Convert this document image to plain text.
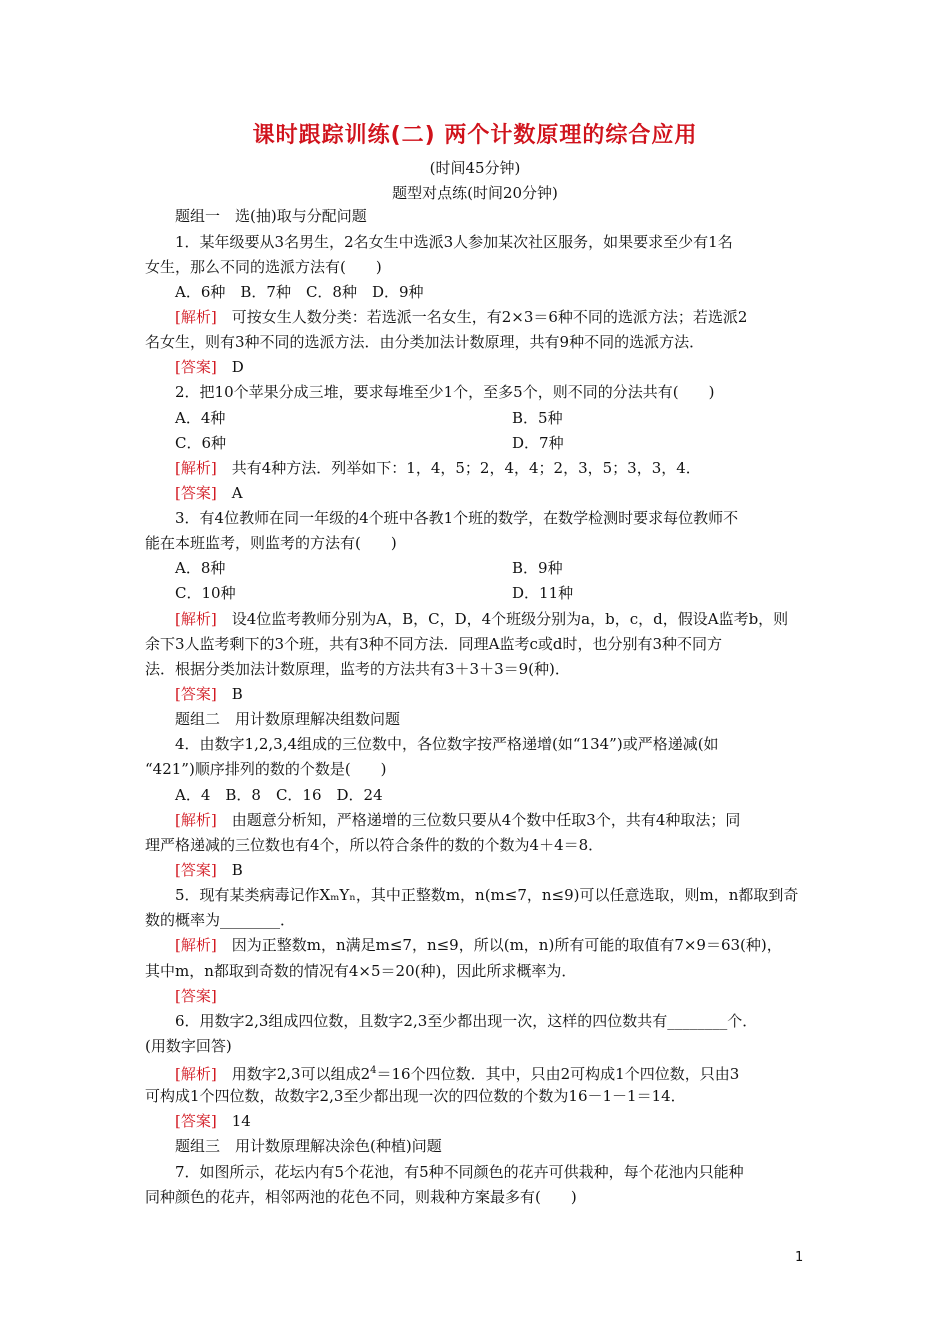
课时跟踪训练(二) 两个计数原理的综合应用
(时间45分钟)
题型对点练(时间20分钟)
题组一　选(抽)取与分配问题
1．某年级要从3名男生，2名女生中选派3人参加某次社区服务，如果要求至少有1名
女生，那么不同的选派方法有(　　)
A．6种　B．7种　C．8种　D．9种
[解析]　 可按女生人数分类：若选派一名女生，有2×3＝6种不同的选派方法；若选派2
名女生，则有3种不同的选派方法．由分类加法计数原理，共有9种不同的选派方法．
[答案]　 D
2．把10个苹果分成三堆，要求每堆至少1个，至多5个，则不同的分法共有(　　)
A．4种	B．5种
C．6种	D．7种
[解析]　 共有4种方法．列举如下：1，4，5；2，4，4；2，3，5；3，3，4．
[答案]　 A
3．有4位教师在同一年级的4个班中各教1个班的数学，在数学检测时要求每位教师不
能在本班监考，则监考的方法有(　　)
A．8种	B．9种
C．10种	D．11种
[解析]　 设4位监考教师分别为A，B，C，D，4个班级分别为a，b，c，d，假设A监考b，则
余下3人监考剩下的3个班，共有3种不同方法．同理A监考c或d时，也分别有3种不同方
法．根据分类加法计数原理，监考的方法共有3＋3＋3＝9(种)．
[答案]　 B
题组二　用计数原理解决组数问题
4．由数字1,2,3,4组成的三位数中，各位数字按严格递增(如“134”)或严格递减(如
“421”)顺序排列的数的个数是(　　)
A．4　B．8　C．16　D．24
[解析]　 由题意分析知，严格递增的三位数只要从4个数中任取3个，共有4种取法；同
理严格递减的三位数也有4个，所以符合条件的数的个数为4＋4＝8．
[答案]　 B
5．现有某类病毒记作XₘYₙ，其中正整数m，n(m≤7，n≤9)可以任意选取，则m，n都取到奇
数的概率为________．
[解析]　 因为正整数m，n满足m≤7，n≤9，所以(m，n)所有可能的取值有7×9＝63(种)，
其中m，n都取到奇数的情况有4×5＝20(种)，因此所求概率为．
[答案]　
6．用数字2,3组成四位数，且数字2,3至少都出现一次，这样的四位数共有________个．
(用数字回答)
[解析]　 用数字2,3可以组成$2^4=16$个四位数．其中，只由2可构成1个四位数，只由3
可构成1个四位数，故数字2,3至少都出现一次的四位数的个数为16－1－1＝14．
[答案]　 14
题组三　用计数原理解决涂色(种植)问题
7．如图所示，花坛内有5个花池，有5种不同颜色的花卉可供栽种，每个花池内只能种
同种颜色的花卉，相邻两池的花色不同，则栽种方案最多有(　　)
1
